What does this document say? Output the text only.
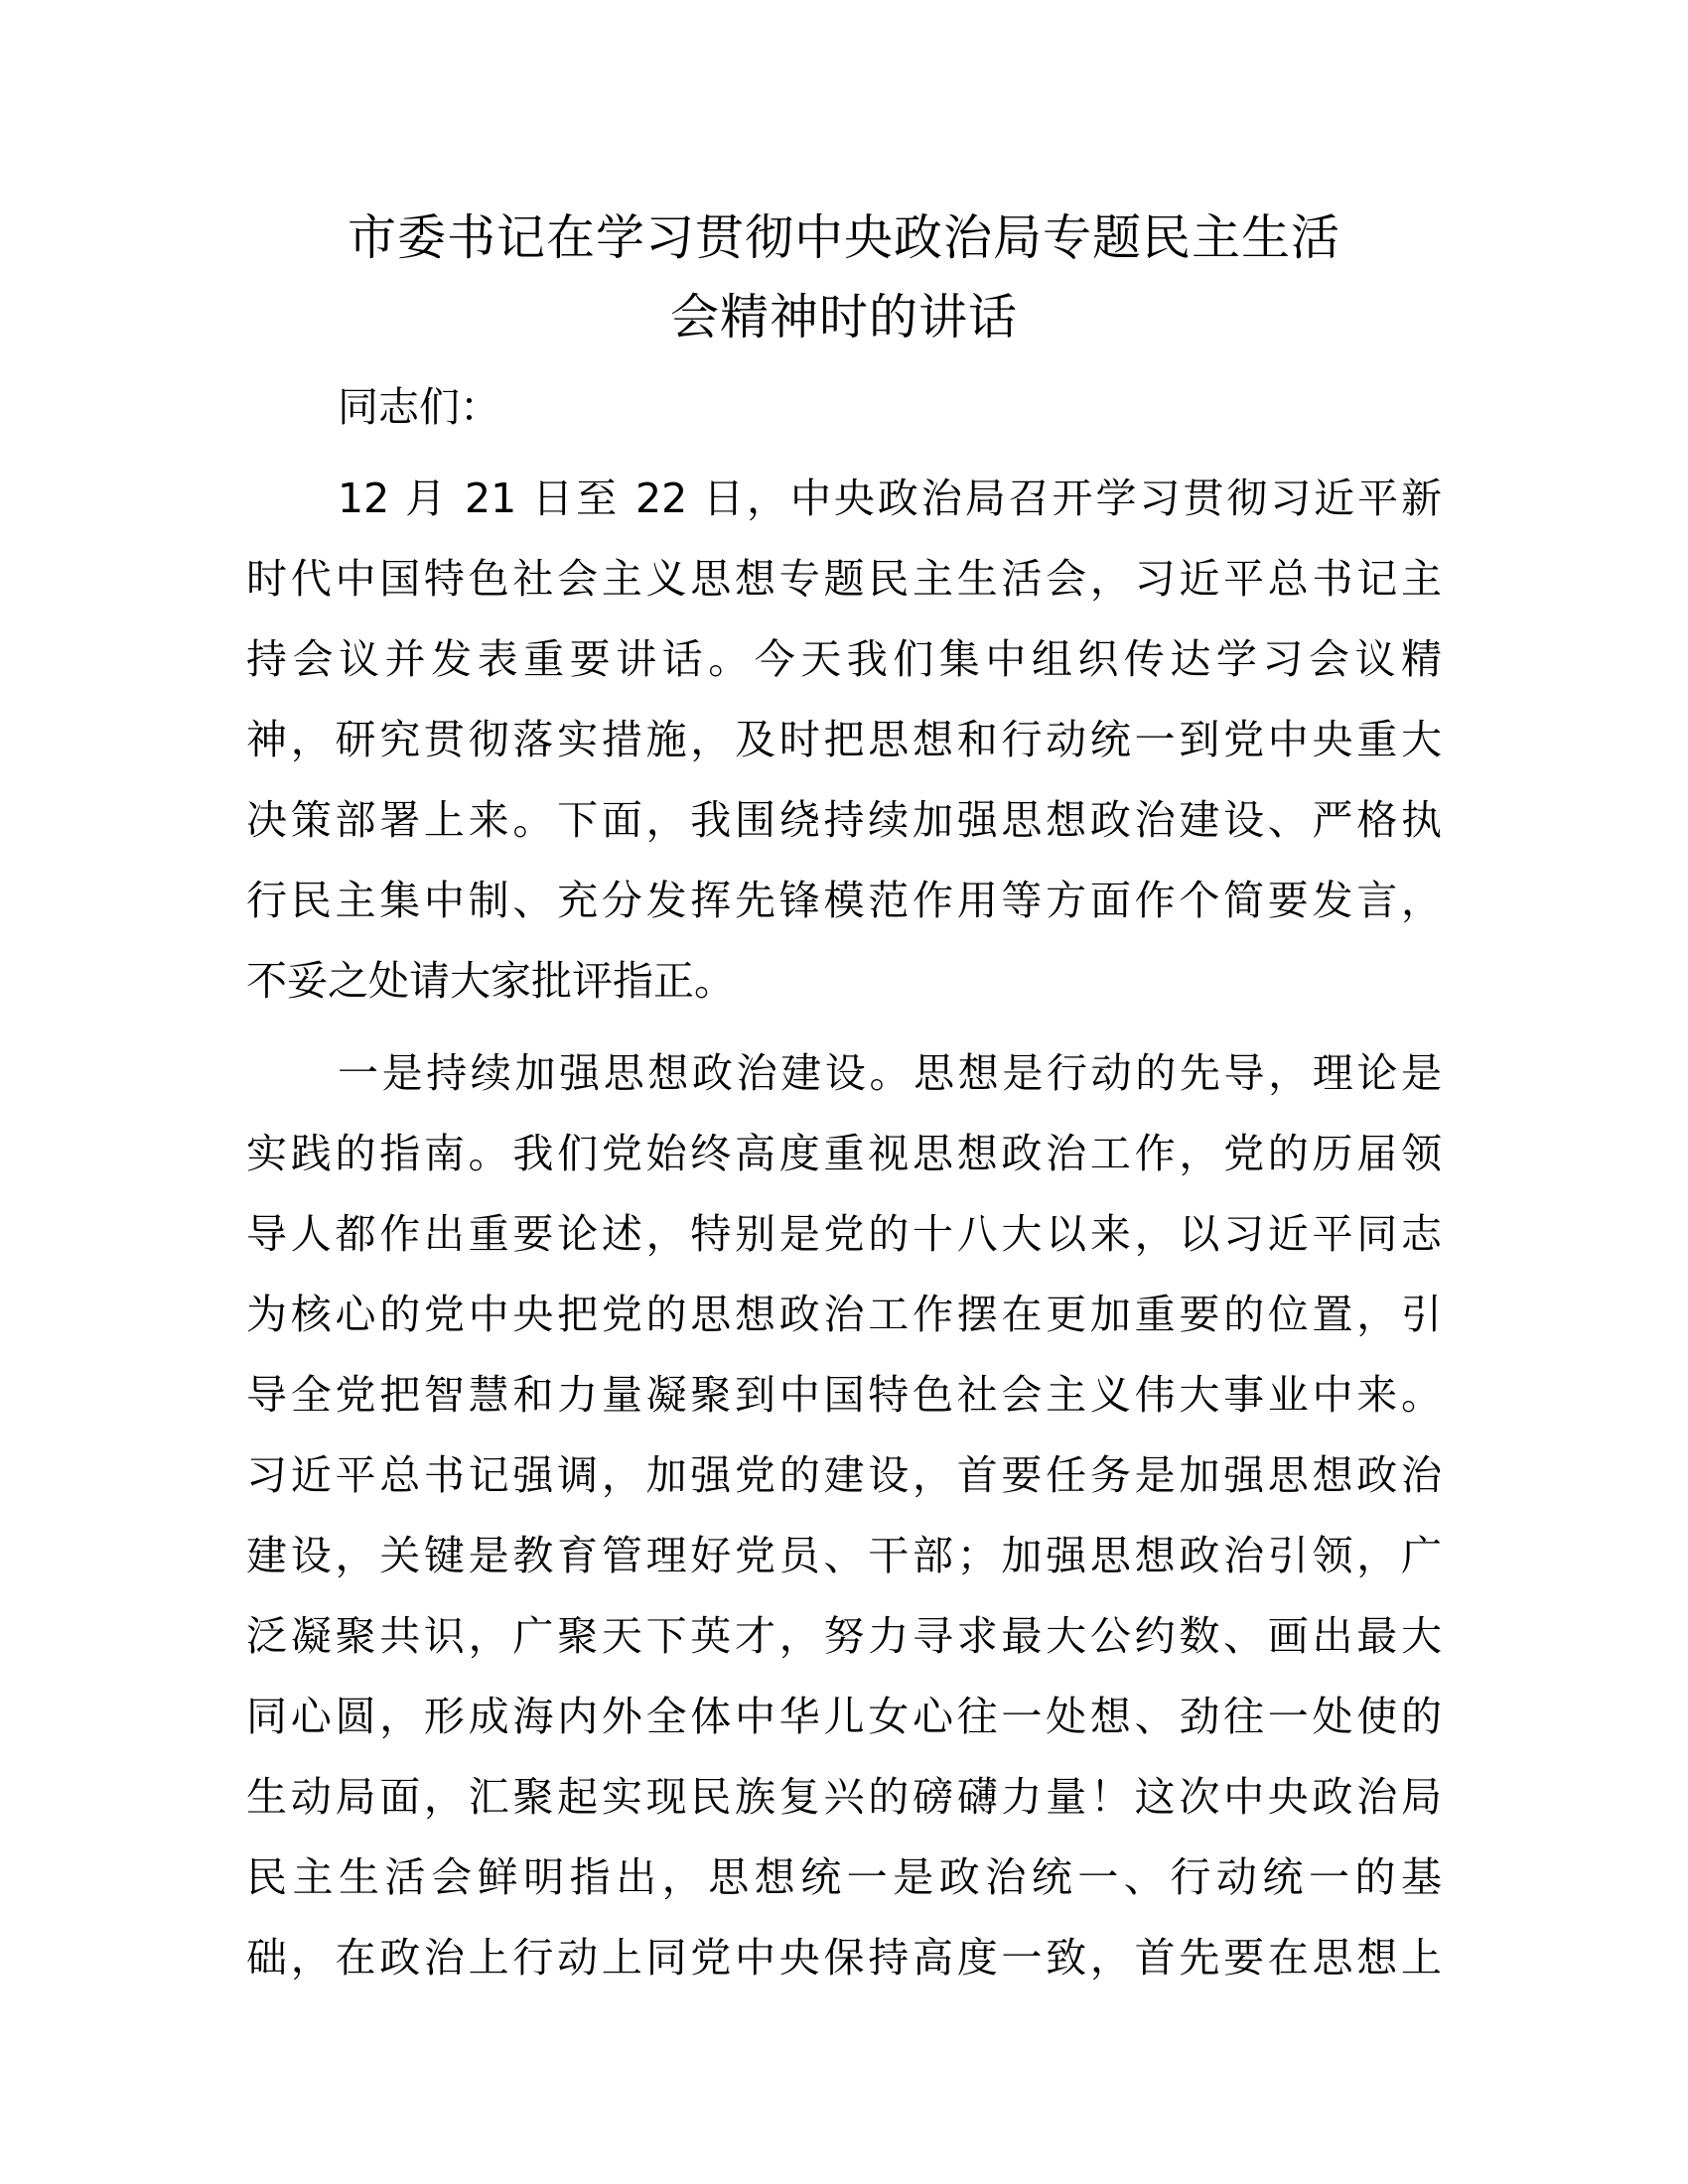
市委书记在学习贯彻中央政治局专题民主生活
会精神时的讲话

同志们：

12 月 21 日至 22 日，中央政治局召开学习贯彻习近平新
时代中国特色社会主义思想专题民主生活会，习近平总书记主
持会议并发表重要讲话。今天我们集中组织传达学习会议精
神，研究贯彻落实措施，及时把思想和行动统一到党中央重大
决策部署上来。下面，我围绕持续加强思想政治建设、严格执
行民主集中制、充分发挥先锋模范作用等方面作个简要发言，
不妥之处请大家批评指正。
一是持续加强思想政治建设。思想是行动的先导，理论是
实践的指南。我们党始终高度重视思想政治工作，党的历届领
导人都作出重要论述，特别是党的十八大以来，以习近平同志
为核心的党中央把党的思想政治工作摆在更加重要的位置，引
导全党把智慧和力量凝聚到中国特色社会主义伟大事业中来。
习近平总书记强调，加强党的建设，首要任务是加强思想政治
建设，关键是教育管理好党员、干部；加强思想政治引领，广
泛凝聚共识，广聚天下英才，努力寻求最大公约数、画出最大
同心圆，形成海内外全体中华儿女心往一处想、劲往一处使的
生动局面，汇聚起实现民族复兴的磅礴力量！这次中央政治局
民主生活会鲜明指出，思想统一是政治统一、行动统一的基
础，在政治上行动上同党中央保持高度一致，首先要在思想上
